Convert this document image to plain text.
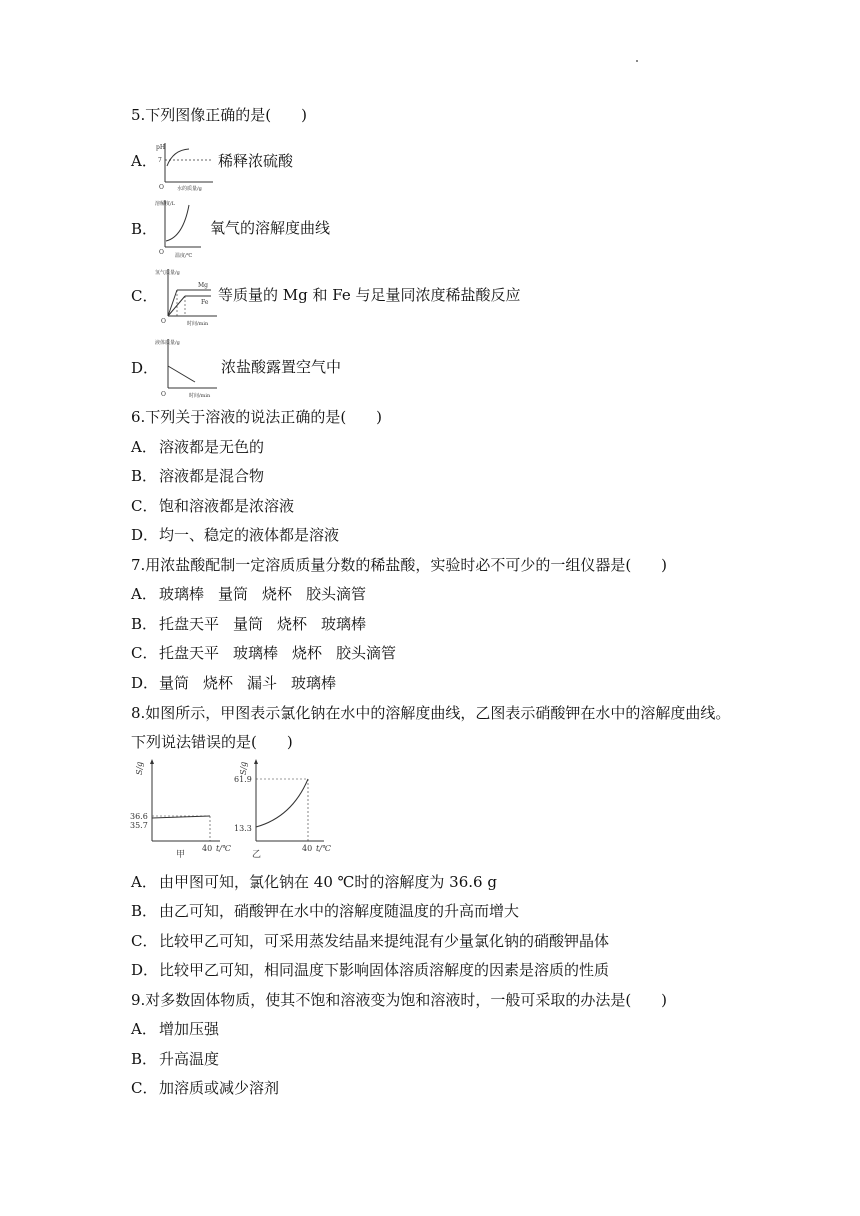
5.下列图像正确的是(　　)
A．
pH
7
O	水的质量/g
稀释浓硫酸
B．
溶解度/L
O 温度/℃
氧气的溶解度曲线
C．
氢气质量/g
Mg
Fe
O	时间/min
等质量的 Mg 和 Fe 与足量同浓度稀盐酸反应
D．
液体质量/g
O	时间/min
浓盐酸露置空气中
6.下列关于溶液的说法正确的是(　　)
A． 溶液都是无色的
B． 溶液都是混合物
C． 饱和溶液都是浓溶液
D．均一、稳定的液体都是溶液
7.用浓盐酸配制一定溶质质量分数的稀盐酸，实验时必不可少的一组仪器是(　　)
A． 玻璃棒 量筒 烧杯 胶头滴管
B． 托盘天平 量筒 烧杯 玻璃棒
C． 托盘天平 玻璃棒 烧杯 胶头滴管
D．量筒 烧杯 漏斗 玻璃棒
8.如图所示，甲图表示氯化钠在水中的溶解度曲线，乙图表示硝酸钾在水中的溶解度曲线。
下列说法错误的是(　　)
S/g
36.6
35.7
40 t/℃
甲
S/g
61.9
13.3
40 t/℃
乙
A． 由甲图可知，氯化钠在 40 ℃时的溶解度为 36.6 g
B． 由乙可知，硝酸钾在水中的溶解度随温度的升高而增大
C． 比较甲乙可知，可采用蒸发结晶来提纯混有少量氯化钠的硝酸钾晶体
D．比较甲乙可知，相同温度下影响固体溶质溶解度的因素是溶质的性质
9.对多数固体物质，使其不饱和溶液变为饱和溶液时，一般可采取的办法是(　　)
A． 增加压强
B． 升高温度
C． 加溶质或减少溶剂
